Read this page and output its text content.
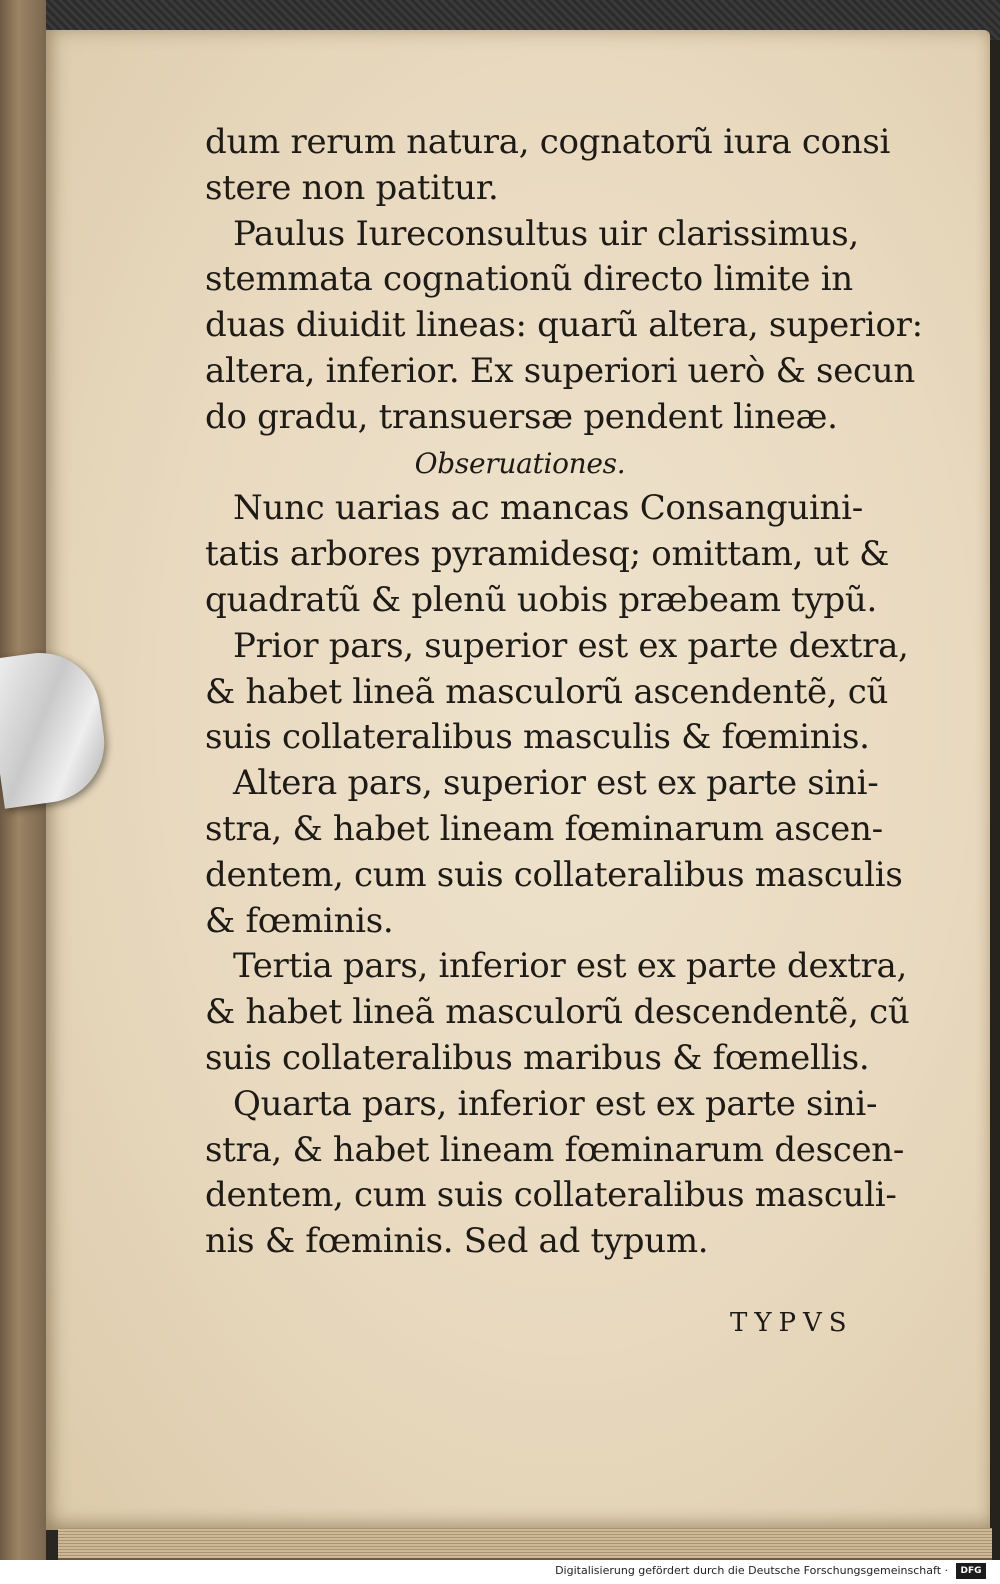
dum rerum natura, cognatorũ iura consi
stere non patitur.
Paulus Iureconsultus uir clarissimus,
stemmata cognationũ directo limite in
duas diuidit lineas: quarũ altera, superior:
altera, inferior. Ex superiori uerò & secun
do gradu, transuersæ pendent lineæ.
Obseruationes.
Nunc uarias ac mancas Consanguini-
tatis arbores pyramidesq; omittam, ut &
quadratũ & plenũ uobis præbeam typũ.
Prior pars, superior est ex parte dextra,
& habet lineã masculorũ ascendentẽ, cũ
suis collateralibus masculis & fœminis.
Altera pars, superior est ex parte sini-
stra, & habet lineam fœminarum ascen-
dentem, cum suis collateralibus masculis
& fœminis.
Tertia pars, inferior est ex parte dextra,
& habet lineã masculorũ descendentẽ, cũ
suis collateralibus maribus & fœmellis.
Quarta pars, inferior est ex parte sini-
stra, & habet lineam fœminarum descen-
dentem, cum suis collateralibus masculi-
nis & fœminis. Sed ad typum.
TYPVS
Digitalisierung gefördert durch die Deutsche Forschungsgemeinschaft ·	DFG
